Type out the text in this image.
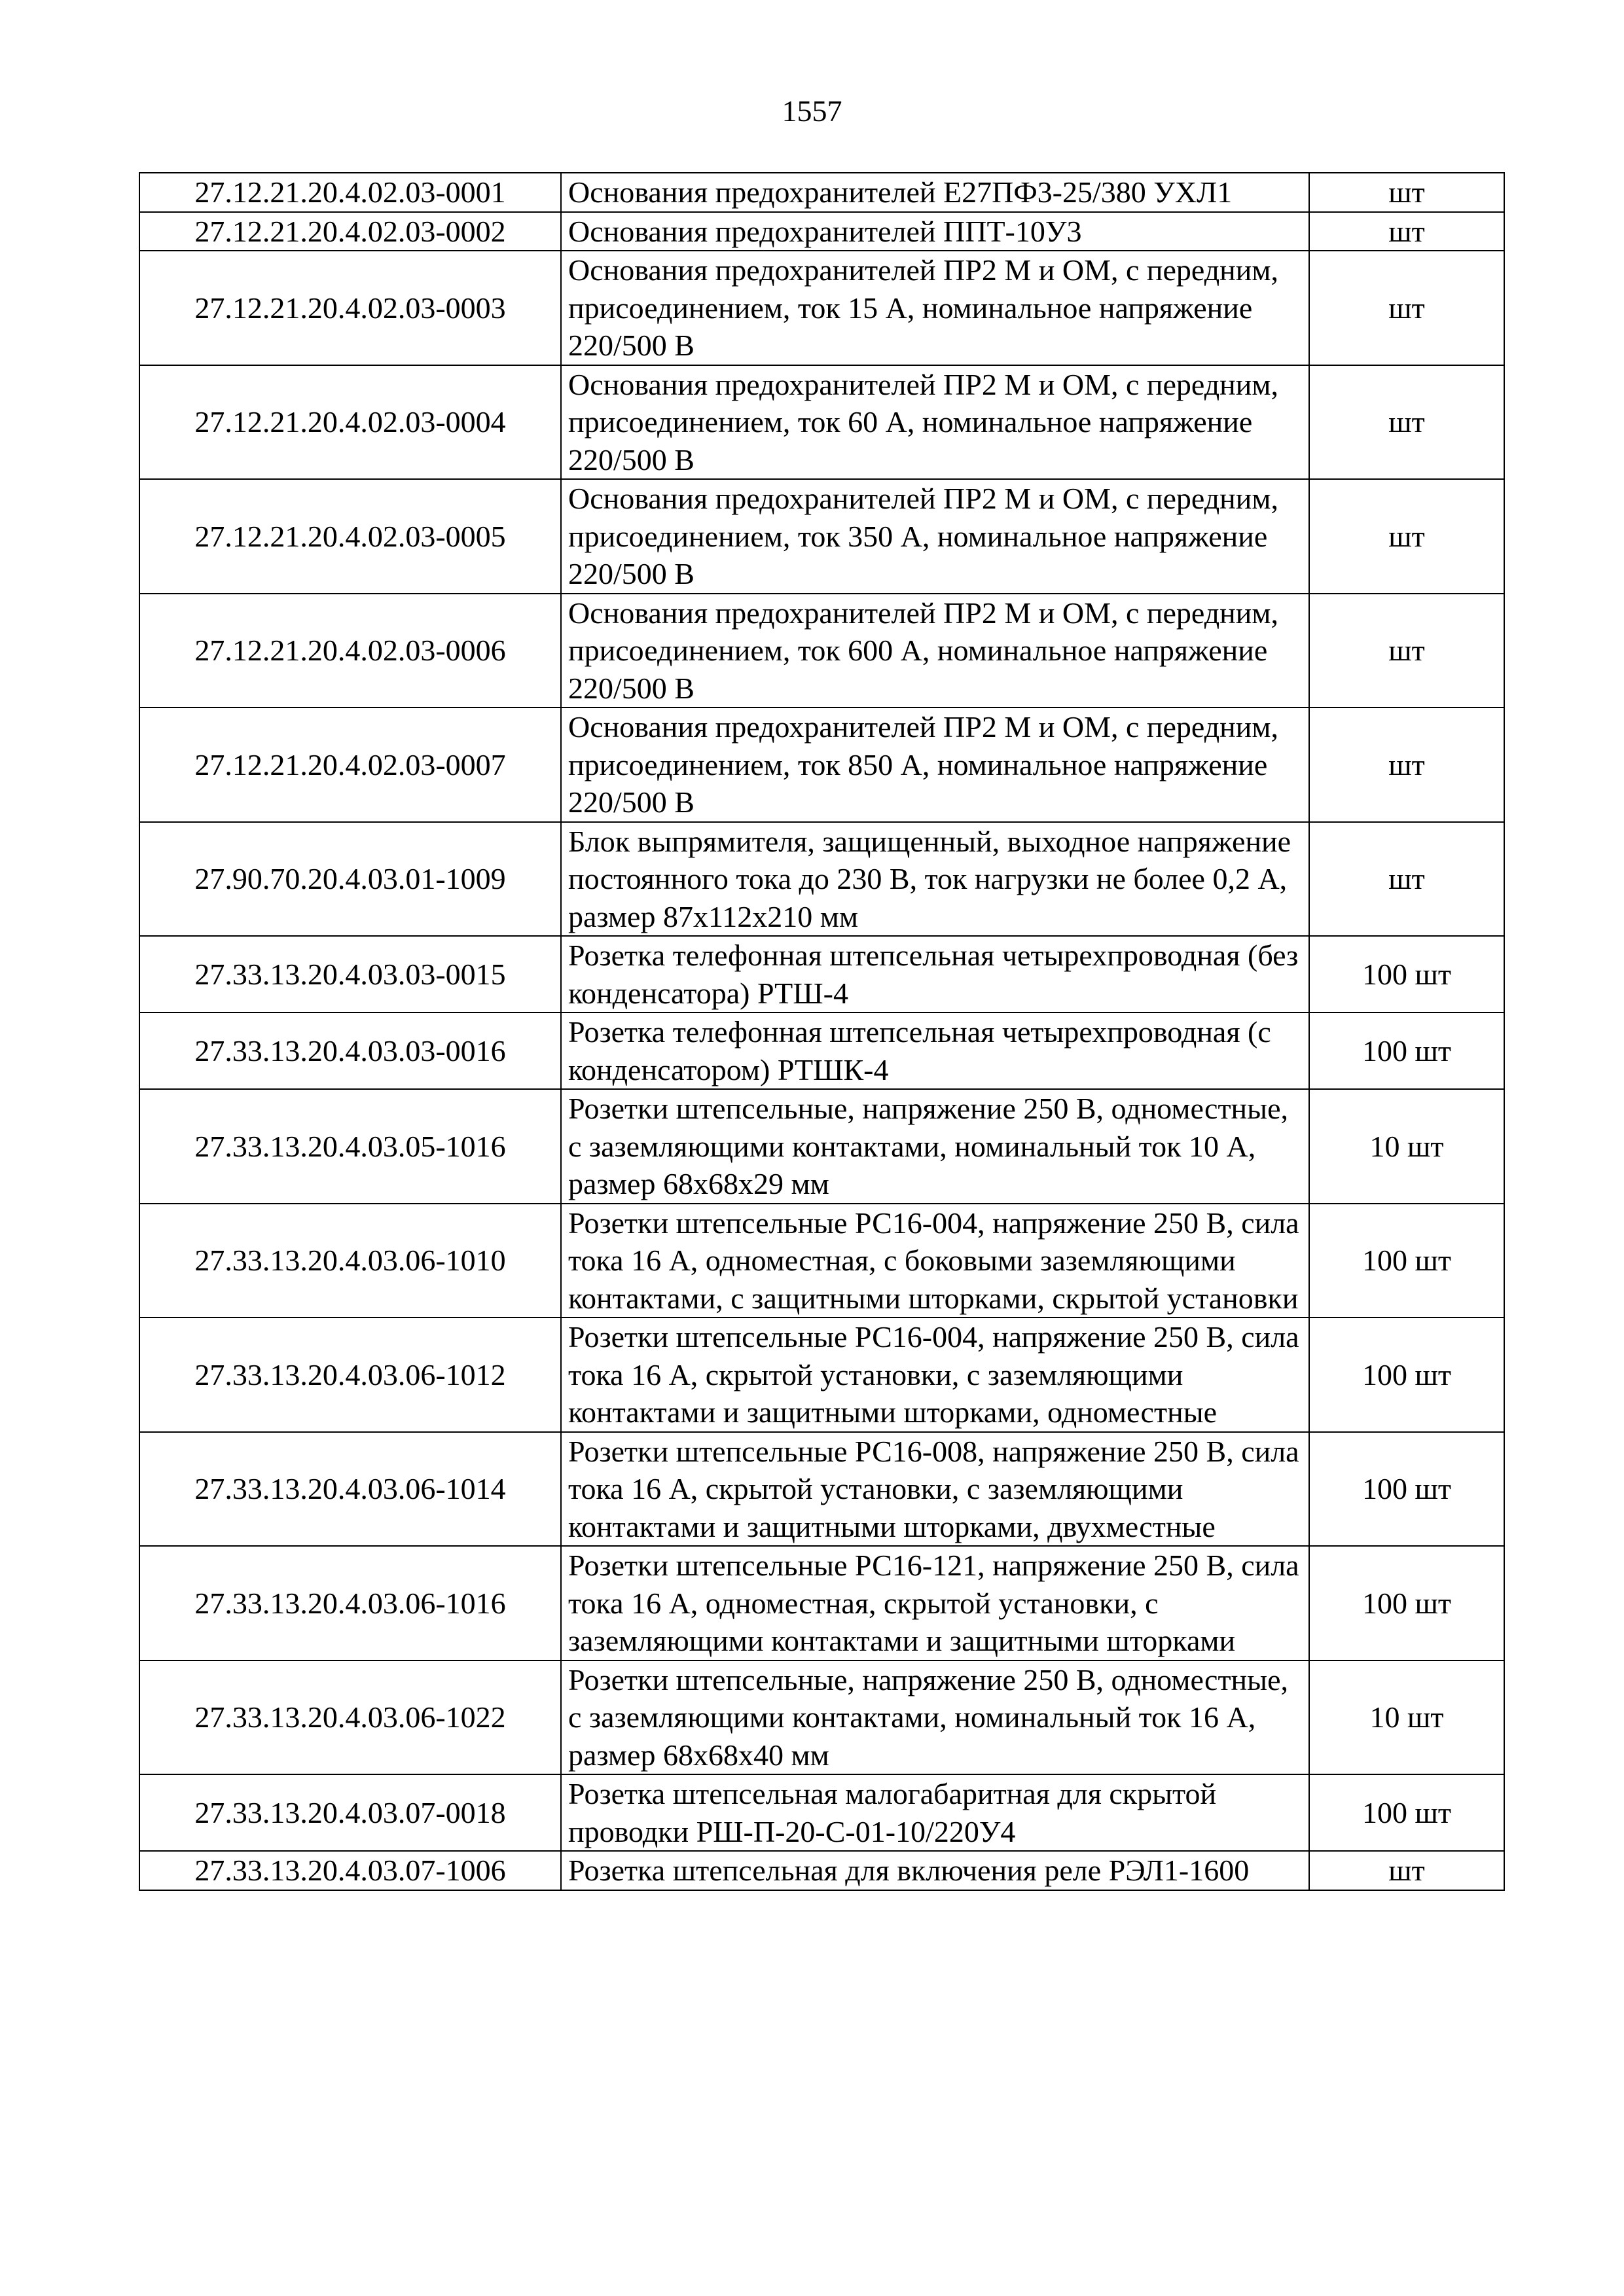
1557
27.12.21.20.4.02.03-0001	Основания предохранителей Е27ПФ3-25/380 УХЛ1	шт
27.12.21.20.4.02.03-0002	Основания предохранителей ППТ-10У3	шт
27.12.21.20.4.02.03-0003	Основания предохранителей ПР2 М и ОМ, с передним, присоединением, ток 15 А, номинальное напряжение 220/500 В	шт
27.12.21.20.4.02.03-0004	Основания предохранителей ПР2 М и ОМ, с передним, присоединением, ток 60 А, номинальное напряжение 220/500 В	шт
27.12.21.20.4.02.03-0005	Основания предохранителей ПР2 М и ОМ, с передним, присоединением, ток 350 А, номинальное напряжение 220/500 В	шт
27.12.21.20.4.02.03-0006	Основания предохранителей ПР2 М и ОМ, с передним, присоединением, ток 600 А, номинальное напряжение 220/500 В	шт
27.12.21.20.4.02.03-0007	Основания предохранителей ПР2 М и ОМ, с передним, присоединением, ток 850 А, номинальное напряжение 220/500 В	шт
27.90.70.20.4.03.01-1009	Блок выпрямителя, защищенный, выходное напряжение постоянного тока до 230 В, ток нагрузки не более 0,2 А, размер 87х112х210 мм	шт
27.33.13.20.4.03.03-0015	Розетка телефонная штепсельная четырехпроводная (без конденсатора) РТШ-4	100 шт
27.33.13.20.4.03.03-0016	Розетка телефонная штепсельная четырехпроводная (с конденсатором) РТШК-4	100 шт
27.33.13.20.4.03.05-1016	Розетки штепсельные, напряжение 250 В, одноместные, с заземляющими контактами, номинальный ток 10 А, размер 68х68х29 мм	10 шт
27.33.13.20.4.03.06-1010	Розетки штепсельные РС16-004, напряжение 250 В, сила тока 16 А, одноместная, с боковыми заземляющими контактами, с защитными шторками, скрытой установки	100 шт
27.33.13.20.4.03.06-1012	Розетки штепсельные РС16-004, напряжение 250 В, сила тока 16 А, скрытой установки, с заземляющими контактами и защитными шторками, одноместные	100 шт
27.33.13.20.4.03.06-1014	Розетки штепсельные РС16-008, напряжение 250 В, сила тока 16 А, скрытой установки, с заземляющими контактами и защитными шторками, двухместные	100 шт
27.33.13.20.4.03.06-1016	Розетки штепсельные РС16-121, напряжение 250 В, сила тока 16 А, одноместная, скрытой установки, с заземляющими контактами и защитными шторками	100 шт
27.33.13.20.4.03.06-1022	Розетки штепсельные, напряжение 250 В, одноместные, с заземляющими контактами, номинальный ток 16 А, размер 68х68х40 мм	10 шт
27.33.13.20.4.03.07-0018	Розетка штепсельная малогабаритная для скрытой проводки РШ-П-20-С-01-10/220У4	100 шт
27.33.13.20.4.03.07-1006	Розетка штепсельная для включения реле РЭЛ1-1600	шт
